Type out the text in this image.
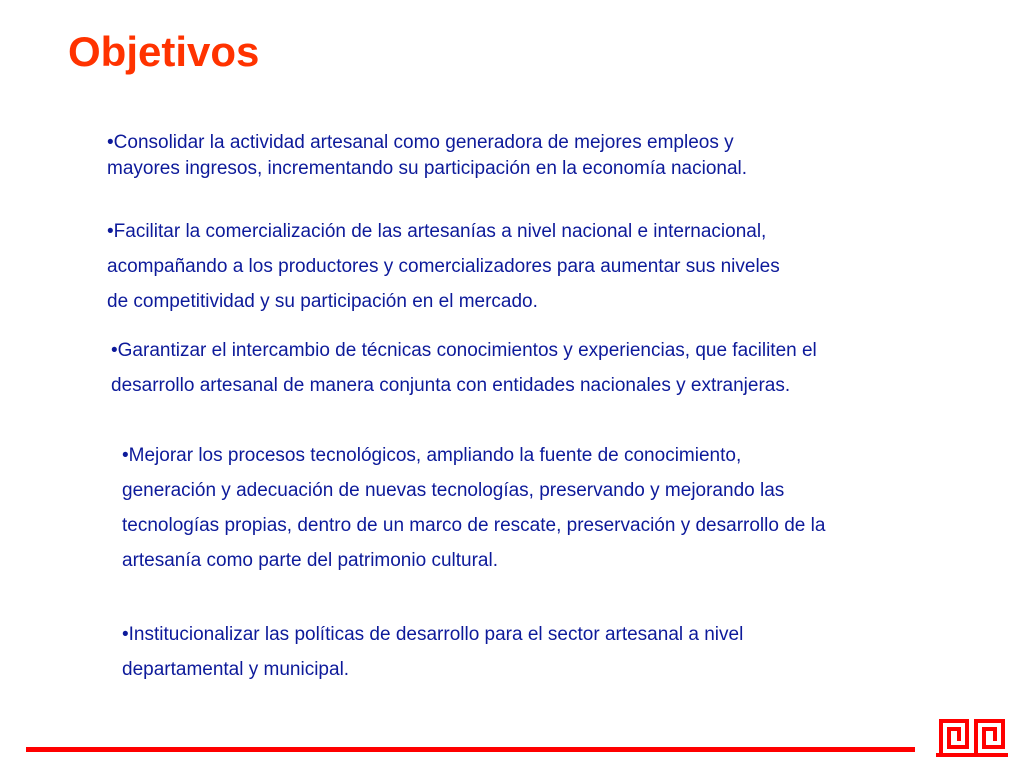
Objetivos

•Consolidar la actividad artesanal como generadora de mejores empleos y
mayores ingresos, incrementando su participación en la economía nacional.

•Facilitar la comercialización de las artesanías a nivel nacional e internacional,
acompañando a los productores y comercializadores para aumentar sus niveles
de competitividad y su participación en el mercado.

•Garantizar el intercambio de técnicas conocimientos y experiencias, que faciliten el
desarrollo artesanal de manera conjunta con entidades nacionales y extranjeras.

•Mejorar los procesos tecnológicos, ampliando la fuente de conocimiento,
generación y adecuación de nuevas tecnologías, preservando y mejorando las
tecnologías propias, dentro de un marco de rescate, preservación y desarrollo de la
artesanía como parte del patrimonio cultural.

•Institucionalizar las políticas de desarrollo para el sector artesanal a nivel
departamental y municipal.
